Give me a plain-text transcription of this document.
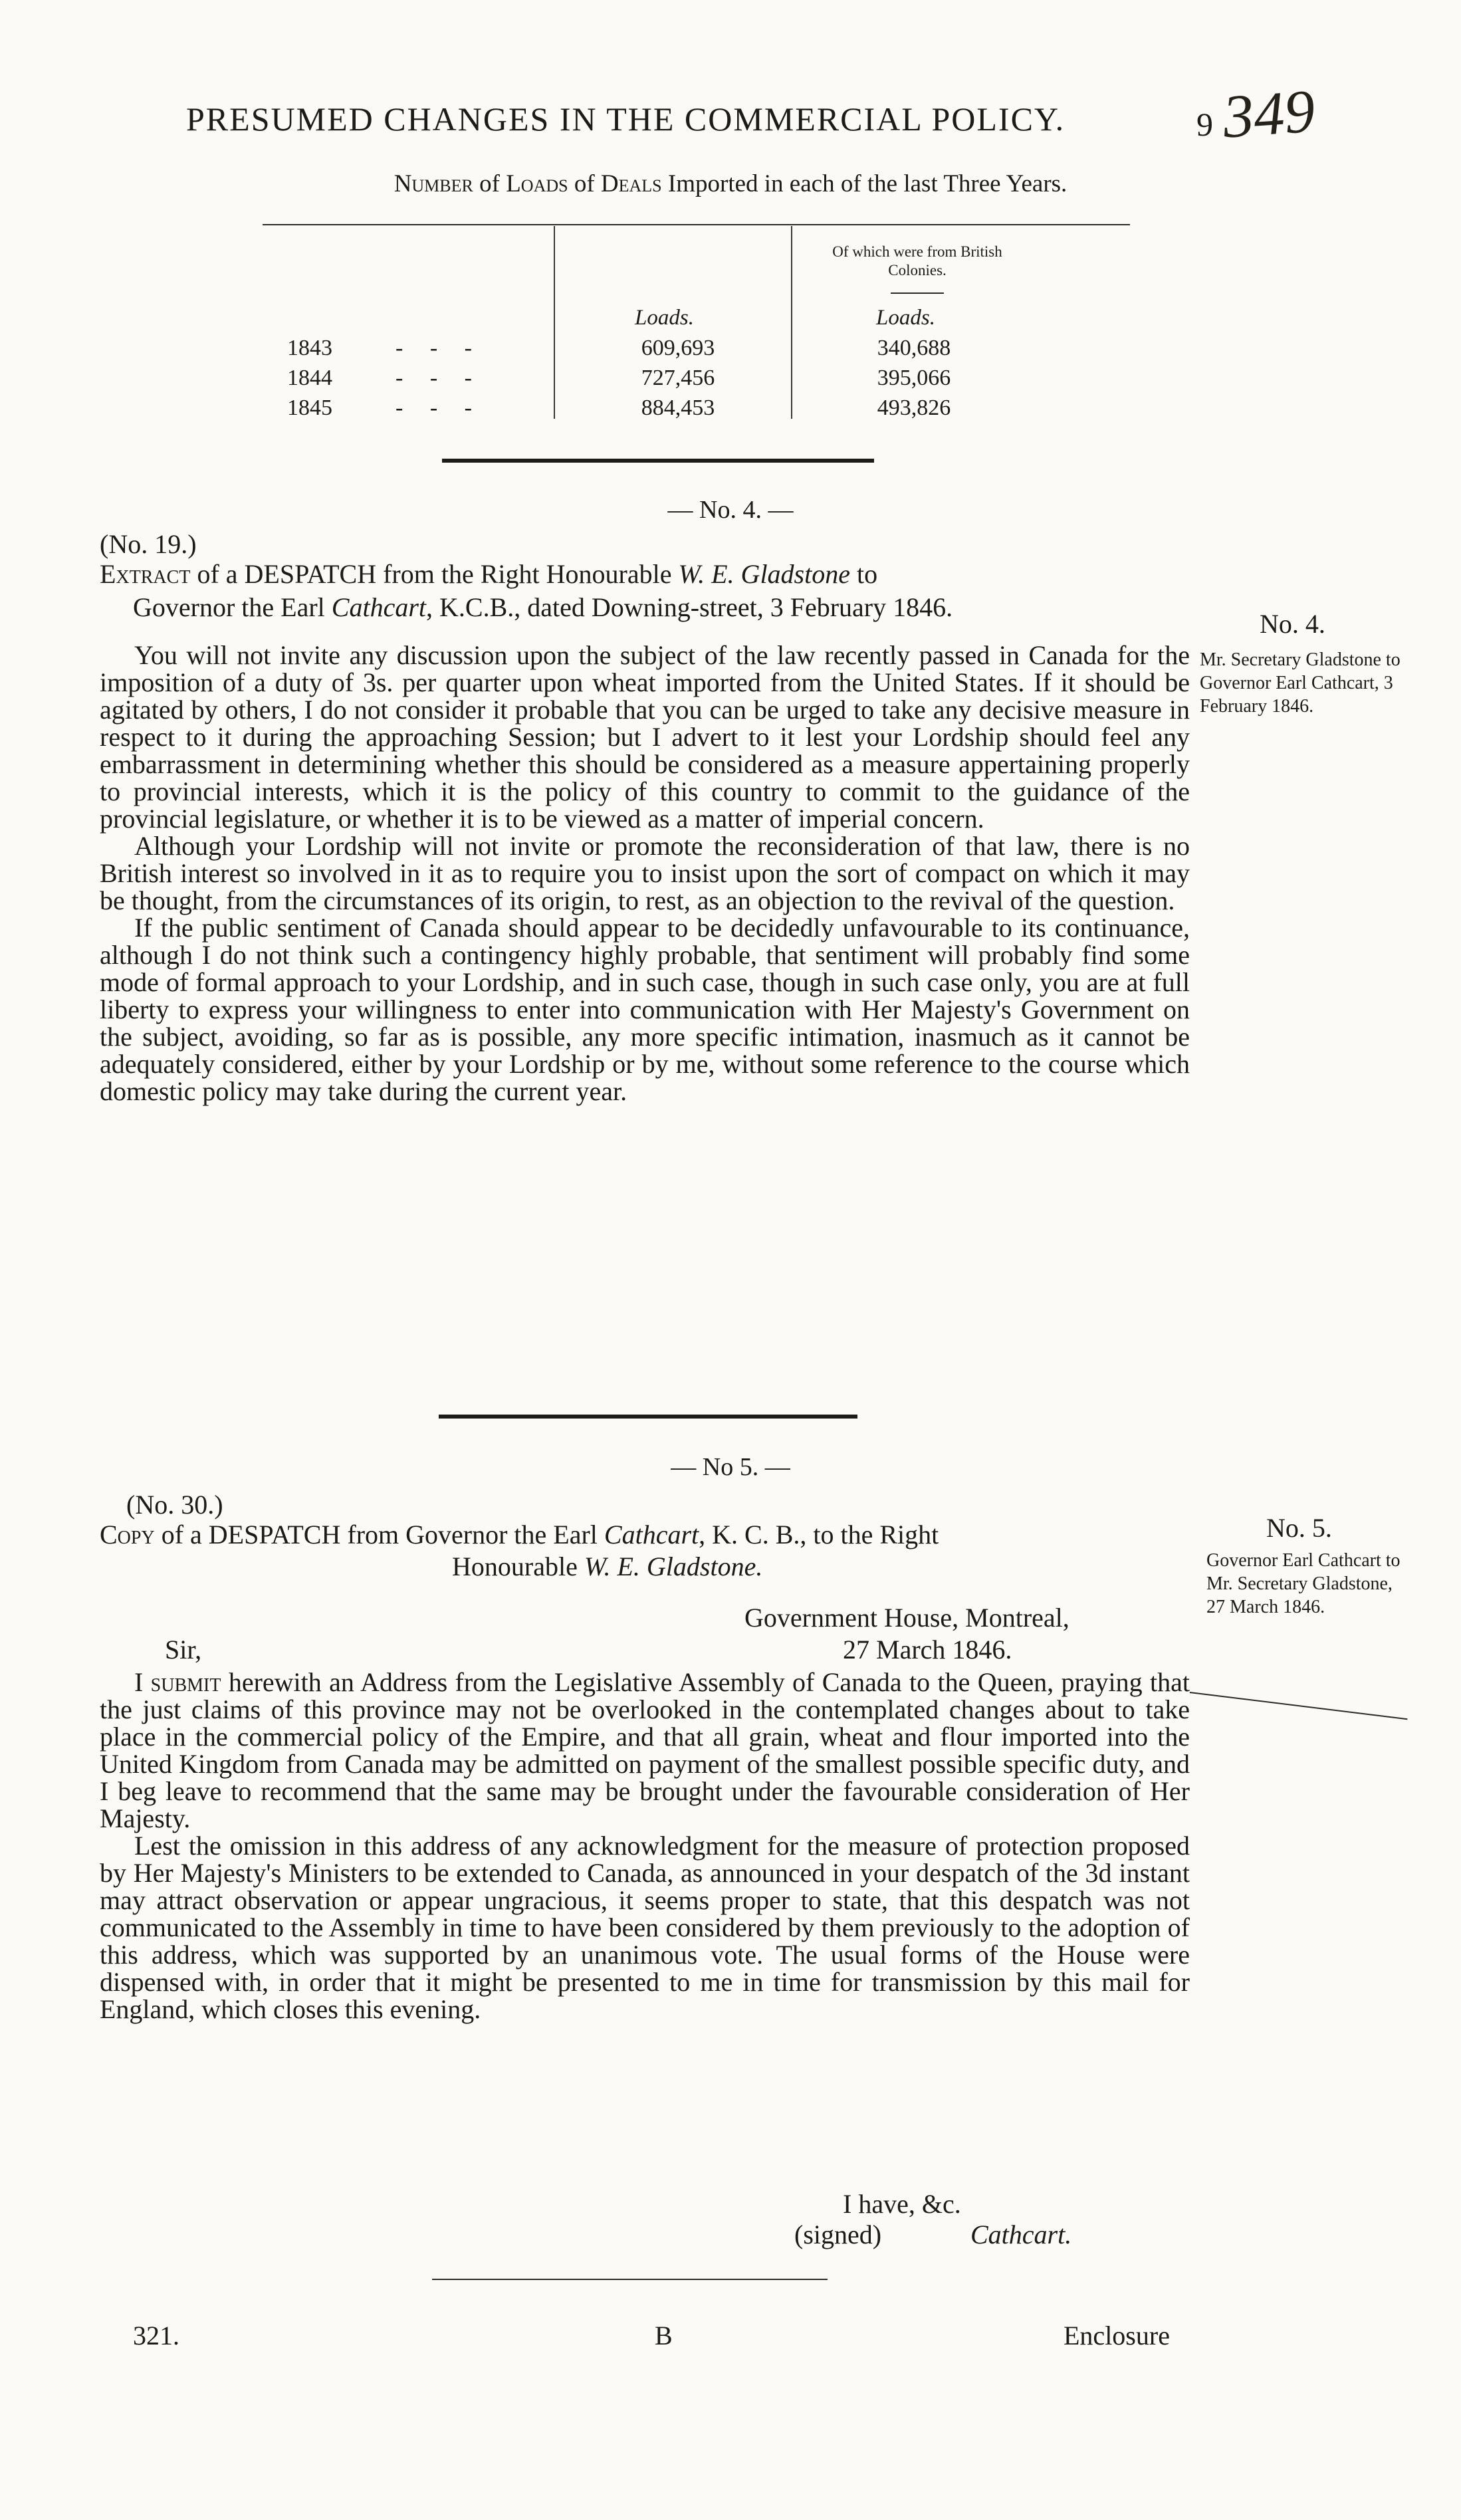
PRESUMED CHANGES IN THE COMMERCIAL POLICY.	9 349
Number of Loads of Deals Imported in each of the last Three Years.
Of which were from British Colonies.
Loads.	Loads.
1843	- - -	609,693	340,688
1844	- - -	727,456	395,066
1845	- - -	884,453	493,826
— No. 4. —
(No. 19.)
Extract of a DESPATCH from the Right Honourable W. E. Gladstone to
Governor the Earl Cathcart, K.C.B., dated Downing-street, 3 February 1846.
No. 4.
Mr. Secretary Gladstone to Governor Earl Cathcart, 3 February 1846.

You will not invite any discussion upon the subject of the law recently passed in Canada for the imposition of a duty of 3s. per quarter upon wheat imported from the United States. If it should be agitated by others, I do not consider it probable that you can be urged to take any decisive measure in respect to it during the approaching Session; but I advert to it lest your Lordship should feel any embarrassment in determining whether this should be considered as a measure appertaining properly to provincial interests, which it is the policy of this country to commit to the guidance of the provincial legislature, or whether it is to be viewed as a matter of imperial concern.

Although your Lordship will not invite or promote the reconsideration of that law, there is no British interest so involved in it as to require you to insist upon the sort of compact on which it may be thought, from the circumstances of its origin, to rest, as an objection to the revival of the question.

If the public sentiment of Canada should appear to be decidedly unfavourable to its continuance, although I do not think such a contingency highly probable, that sentiment will probably find some mode of formal approach to your Lordship, and in such case, though in such case only, you are at full liberty to express your willingness to enter into communication with Her Majesty's Government on the subject, avoiding, so far as is possible, any more specific intimation, inasmuch as it cannot be adequately considered, either by your Lordship or by me, without some reference to the course which domestic policy may take during the current year.

— No 5. —
(No. 30.)
Copy of a DESPATCH from Governor the Earl Cathcart, K. C. B., to the Right
Honourable W. E. Gladstone.
No. 5.
Governor Earl Cathcart to Mr. Secretary Gladstone, 27 March 1846.
Government House, Montreal,
Sir,	27 March 1846.

I submit herewith an Address from the Legislative Assembly of Canada to the Queen, praying that the just claims of this province may not be overlooked in the contemplated changes about to take place in the commercial policy of the Empire, and that all grain, wheat and flour imported into the United Kingdom from Canada may be admitted on payment of the smallest possible specific duty, and I beg leave to recommend that the same may be brought under the favourable consideration of Her Majesty.

Lest the omission in this address of any acknowledgment for the measure of protection proposed by Her Majesty's Ministers to be extended to Canada, as announced in your despatch of the 3d instant may attract observation or appear ungracious, it seems proper to state, that this despatch was not communicated to the Assembly in time to have been considered by them previously to the adoption of this address, which was supported by an unanimous vote. The usual forms of the House were dispensed with, in order that it might be presented to me in time for transmission by this mail for England, which closes this evening.

I have, &c.
(signed)	Cathcart.
321.	B	Enclosure
